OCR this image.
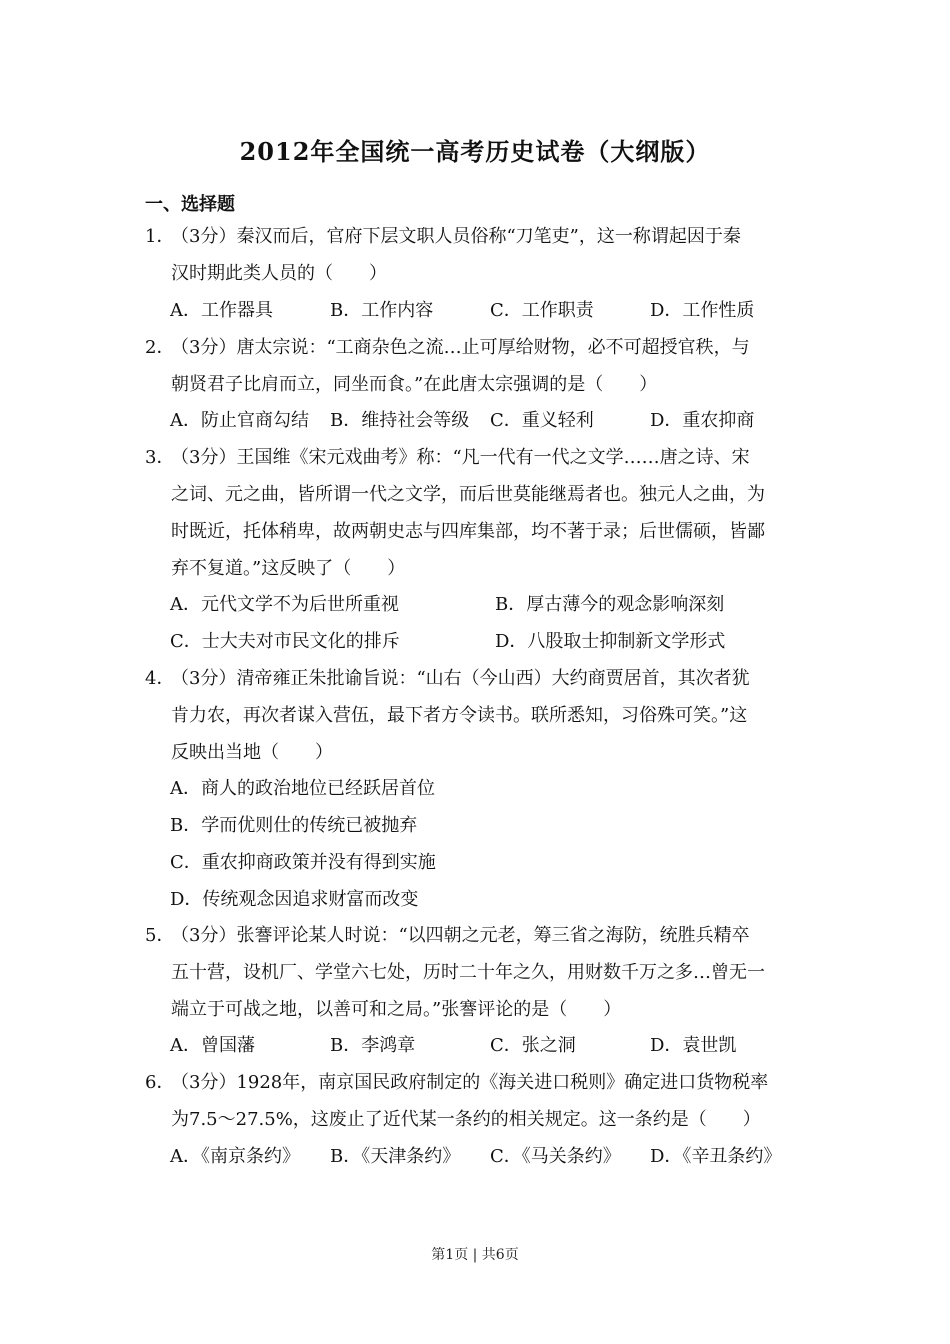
2012年全国统一高考历史试卷（大纲版）
一、选择题
1．（3分）秦汉而后，官府下层文职人员俗称“刀笔吏”，这一称谓起因于秦
汉时期此类人员的（　　）
A．工作器具	B．工作内容	C．工作职责	D．工作性质
2．（3分）唐太宗说：“工商杂色之流…止可厚给财物，必不可超授官秩，与
朝贤君子比肩而立，同坐而食。”在此唐太宗强调的是（　　）
A．防止官商勾结 B．维持社会等级 C．重义轻利	D．重农抑商
3．（3分）王国维《宋元戏曲考》称：“凡一代有一代之文学……唐之诗、宋
之词、元之曲，皆所谓一代之文学，而后世莫能继焉者也。独元人之曲，为
时既近，托体稍卑，故两朝史志与四库集部，均不著于录；后世儒硕，皆鄙
弃不复道。”这反映了（　　）
A．元代文学不为后世所重视	B．厚古薄今的观念影响深刻
C．士大夫对市民文化的排斥	D．八股取士抑制新文学形式
4．（3分）清帝雍正朱批谕旨说：“山右（今山西）大约商贾居首，其次者犹
肯力农，再次者谋入营伍，最下者方令读书。联所悉知，习俗殊可笑。”这
反映出当地（　　）
A．商人的政治地位已经跃居首位
B．学而优则仕的传统已被抛弃
C．重农抑商政策并没有得到实施
D．传统观念因追求财富而改变
5．（3分）张謇评论某人时说：“以四朝之元老，筹三省之海防，统胜兵精卒
五十营，设机厂、学堂六七处，历时二十年之久，用财数千万之多…曾无一
端立于可战之地，以善可和之局。”张謇评论的是（　　）
A．曾国藩	B．李鸿章	C．张之洞	D．袁世凯
6．（3分）1928年，南京国民政府制定的《海关进口税则》确定进口货物税率
为7.5～27.5%，这废止了近代某一条约的相关规定。这一条约是（　　）
A．《南京条约》 B．《天津条约》 C．《马关条约》 D．《辛丑条约》
第1页 | 共6页
